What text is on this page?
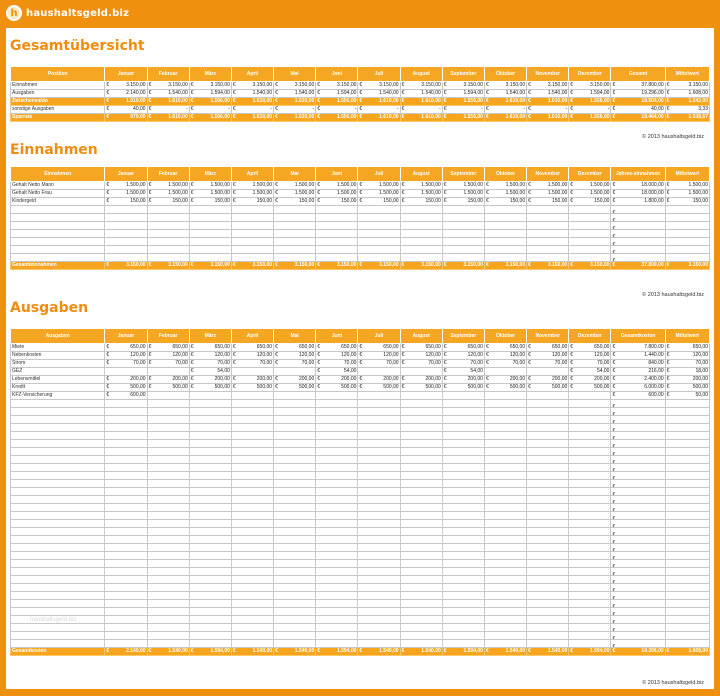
h haushaltsgeld.biz
Gesamtübersicht
Position	Januar	Februar	März	April	Mai	Juni	Juli	August	September	Oktober	November	Dezember	Gesamt	Mittelwert
Einnahmen	€ 3.150,00	€ 3.150,00	€ 3.150,00	€ 3.150,00	€ 3.150,00	€ 3.150,00	€ 3.150,00	€ 3.150,00	€ 3.150,00	€ 3.150,00	€ 3.150,00	€ 3.150,00	€ 37.800,00	€ 3.150,00
Ausgaben	€ 2.140,00	€ 1.540,00	€ 1.594,00	€ 1.540,00	€ 1.540,00	€ 1.594,00	€ 1.540,00	€ 1.540,00	€ 1.594,00	€ 1.540,00	€ 1.540,00	€ 1.594,00	€ 19.296,00	€ 1.608,00
Zwischensaldo	€ 1.010,00	€ 1.610,00	€ 1.556,00	€ 1.610,00	€ 1.610,00	€ 1.556,00	€ 1.610,00	€ 1.610,00	€ 1.556,00	€ 1.610,00	€ 1.610,00	€ 1.556,00	€ 18.504,00	€ 1.542,00
sonstige Ausgaben	€ 40,00	€ -	€ -	€ -	€ -	€ -	€ -	€ -	€ -	€ -	€ -	€ -	€ 40,00	€ 3,33
Sparrate	€ 970,00	€ 1.610,00	€ 1.556,00	€ 1.610,00	€ 1.610,00	€ 1.556,00	€ 1.610,00	€ 1.610,00	€ 1.556,00	€ 1.610,00	€ 1.610,00	€ 1.556,00	€ 18.464,00	€ 1.538,67
© 2013 haushaltsgeld.biz
Einnahmen
Einnahmen	Januar	Februar	März	April	Mai	Juni	Juli	August	September	Oktober	November	Dezember	Jahres-einnahmen	Mittelwert
Gehalt Netto Mann	€ 1.500,00	€ 1.500,00	€ 1.500,00	€ 1.500,00	€ 1.500,00	€ 1.500,00	€ 1.500,00	€ 1.500,00	€ 1.500,00	€ 1.500,00	€ 1.500,00	€ 1.500,00	€ 18.000,00	€ 1.500,00
Gehalt Netto Frau	€ 1.500,00	€ 1.500,00	€ 1.500,00	€ 1.500,00	€ 1.500,00	€ 1.500,00	€ 1.500,00	€ 1.500,00	€ 1.500,00	€ 1.500,00	€ 1.500,00	€ 1.500,00	€ 18.000,00	€ 1.500,00
Kindergeld	€ 150,00	€ 150,00	€ 150,00	€ 150,00	€ 150,00	€ 150,00	€ 150,00	€ 150,00	€ 150,00	€ 150,00	€ 150,00	€ 150,00	€ 1.800,00	€ 150,00

													€	

													€	

													€	

													€	

													€	

													€	

													€	

Gesamteinnahmen	€ 3.150,00	€ 3.150,00	€ 3.150,00	€ 3.150,00	€ 3.150,00	€ 3.150,00	€ 3.150,00	€ 3.150,00	€ 3.150,00	€ 3.150,00	€ 3.150,00	€ 3.150,00	€ 37.800,00	€ 3.150,00
© 2013 haushaltsgeld.biz
Ausgaben
Ausgaben	Januar	Februar	März	April	Mai	Juni	Juli	August	September	Oktober	November	Dezember	Gesamtkosten	Mittelwert
Miete	€ 650,00	€ 650,00	€ 650,00	€ 650,00	€ 650,00	€ 650,00	€ 650,00	€ 650,00	€ 650,00	€ 650,00	€ 650,00	€ 650,00	€ 7.800,00	€ 650,00
Nebenkosten	€ 120,00	€ 120,00	€ 120,00	€ 120,00	€ 120,00	€ 120,00	€ 120,00	€ 120,00	€ 120,00	€ 120,00	€ 120,00	€ 120,00	€ 1.440,00	€ 120,00
Strom	€ 70,00	€ 70,00	€ 70,00	€ 70,00	€ 70,00	€ 70,00	€ 70,00	€ 70,00	€ 70,00	€ 70,00	€ 70,00	€ 70,00	€ 840,00	€ 70,00
GEZ			€ 54,00			€ 54,00			€ 54,00			€ 54,00	€ 216,00	€ 18,00
Lebensmittel	€ 200,00	€ 200,00	€ 200,00	€ 200,00	€ 200,00	€ 200,00	€ 200,00	€ 200,00	€ 200,00	€ 200,00	€ 200,00	€ 200,00	€ 2.400,00	€ 200,00
Kredit	€ 500,00	€ 500,00	€ 500,00	€ 500,00	€ 500,00	€ 500,00	€ 500,00	€ 500,00	€ 500,00	€ 500,00	€ 500,00	€ 500,00	€ 6.000,00	€ 500,00
KFZ-Versicherung	€ 600,00												€ 600,00	€ 50,00

													€	

													€	

													€	

													€	

													€	

													€	

													€	

													€	

													€	

													€	

													€	

													€	

													€	

													€	

													€	

													€	

													€	

													€	

													€	

													€	

													€	

													€	

													€	

													€	

													€	

													€	

													€	

													€	

													€	

													€	

													€	

Gesamtkosten	€ 2.140,00	€ 1.540,00	€ 1.594,00	€ 1.540,00	€ 1.540,00	€ 1.594,00	€ 1.540,00	€ 1.540,00	€ 1.594,00	€ 1.540,00	€ 1.540,00	€ 1.594,00	€ 19.296,00	€ 1.608,00
© 2013 haushaltsgeld.biz
haushaltsgeld.biz
